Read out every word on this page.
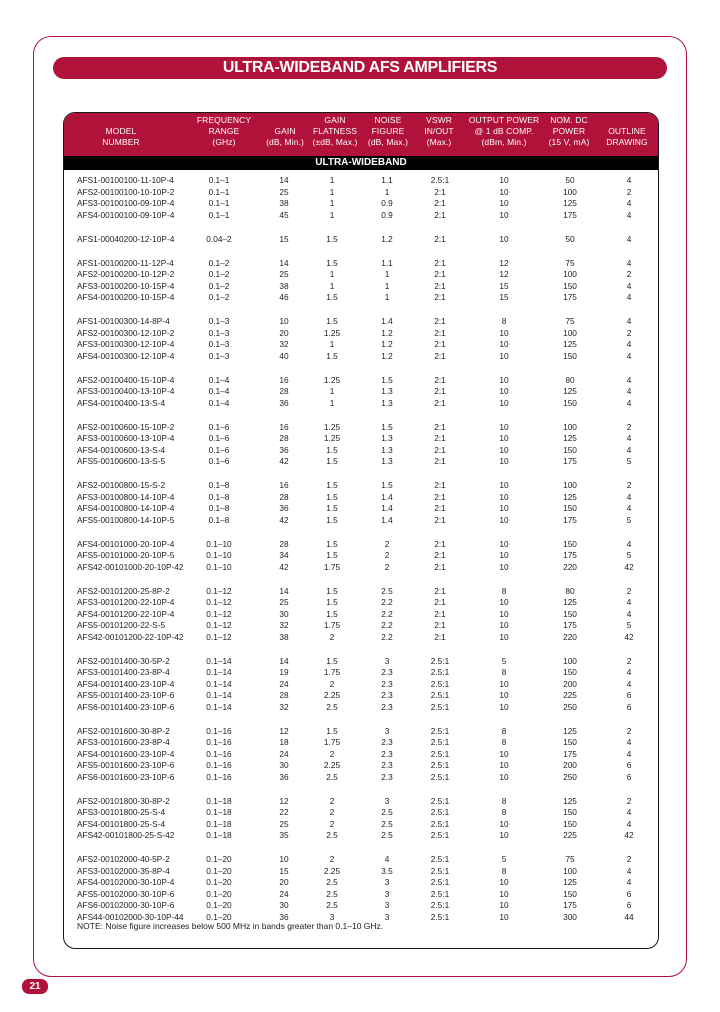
ULTRA-WIDEBAND AFS AMPLIFIERS

MODEL
NUMBER
FREQUENCY
RANGE
(GHz)

GAIN
(dB, Min.)
GAIN
FLATNESS
(±dB, Max.)
NOISE
FIGURE
(dB, Max.)
VSWR
IN/OUT
(Max.)
OUTPUT POWER
@ 1 dB COMP.
(dBm, Min.)
NOM. DC
POWER
(15 V, mA)

OUTLINE
DRAWING
ULTRA-WIDEBAND
AFS1-00100100-11-10P-4	0.1–1	14	1	1.1	2.5:1	10	50	4
AFS2-00100100-10-10P-2	0.1–1	25	1	1	2:1	10	100	2
AFS3-00100100-09-10P-4	0.1–1	38	1	0.9	2:1	10	125	4
AFS4-00100100-09-10P-4	0.1–1	45	1	0.9	2:1	10	175	4
AFS1-00040200-12-10P-4	0.04–2	15	1.5	1.2	2:1	10	50	4
AFS1-00100200-11-12P-4	0.1–2	14	1.5	1.1	2:1	12	75	4
AFS2-00100200-10-12P-2	0.1–2	25	1	1	2:1	12	100	2
AFS3-00100200-10-15P-4	0.1–2	38	1	1	2:1	15	150	4
AFS4-00100200-10-15P-4	0.1–2	46	1.5	1	2:1	15	175	4
AFS1-00100300-14-8P-4	0.1–3	10	1.5	1.4	2:1	8	75	4
AFS2-00100300-12-10P-2	0.1–3	20	1.25	1.2	2:1	10	100	2
AFS3-00100300-12-10P-4	0.1–3	32	1	1.2	2:1	10	125	4
AFS4-00100300-12-10P-4	0.1–3	40	1.5	1.2	2:1	10	150	4
AFS2-00100400-15-10P-4	0.1–4	16	1.25	1.5	2:1	10	80	4
AFS3-00100400-13-10P-4	0.1–4	28	1	1.3	2:1	10	125	4
AFS4-00100400-13-S-4	0.1–4	36	1	1.3	2:1	10	150	4
AFS2-00100600-15-10P-2	0.1–6	16	1.25	1.5	2:1	10	100	2
AFS3-00100600-13-10P-4	0.1–6	28	1.25	1.3	2:1	10	125	4
AFS4-00100600-13-S-4	0.1–6	36	1.5	1.3	2:1	10	150	4
AFS5-00100600-13-S-5	0.1–6	42	1.5	1.3	2:1	10	175	5
AFS2-00100800-15-S-2	0.1–8	16	1.5	1.5	2:1	10	100	2
AFS3-00100800-14-10P-4	0.1–8	28	1.5	1.4	2:1	10	125	4
AFS4-00100800-14-10P-4	0.1–8	36	1.5	1.4	2:1	10	150	4
AFS5-00100800-14-10P-5	0.1–8	42	1.5	1.4	2:1	10	175	5
AFS4-00101000-20-10P-4	0.1–10	28	1.5	2	2:1	10	150	4
AFS5-00101000-20-10P-5	0.1–10	34	1.5	2	2:1	10	175	5
AFS42-00101000-20-10P-42	0.1–10	42	1.75	2	2:1	10	220	42
AFS2-00101200-25-8P-2	0.1–12	14	1.5	2.5	2:1	8	80	2
AFS3-00101200-22-10P-4	0.1–12	25	1.5	2.2	2:1	10	125	4
AFS4-00101200-22-10P-4	0.1–12	30	1.5	2.2	2:1	10	150	4
AFS5-00101200-22-S-5	0.1–12	32	1.75	2.2	2:1	10	175	5
AFS42-00101200-22-10P-42	0.1–12	38	2	2.2	2:1	10	220	42
AFS2-00101400-30-5P-2	0.1–14	14	1.5	3	2.5:1	5	100	2
AFS3-00101400-23-8P-4	0.1–14	19	1.75	2.3	2.5:1	8	150	4
AFS4-00101400-23-10P-4	0.1–14	24	2	2.3	2.5:1	10	200	4
AFS5-00101400-23-10P-6	0.1–14	28	2.25	2.3	2.5:1	10	225	6
AFS6-00101400-23-10P-6	0.1–14	32	2.5	2.3	2.5:1	10	250	6
AFS2-00101600-30-8P-2	0.1–16	12	1.5	3	2.5:1	8	125	2
AFS3-00101600-23-8P-4	0.1–16	18	1.75	2.3	2.5:1	8	150	4
AFS4-00101600-23-10P-4	0.1–16	24	2	2.3	2.5:1	10	175	4
AFS5-00101600-23-10P-6	0.1–16	30	2.25	2.3	2.5:1	10	200	6
AFS6-00101600-23-10P-6	0.1–16	36	2.5	2.3	2.5:1	10	250	6
AFS2-00101800-30-8P-2	0.1–18	12	2	3	2.5:1	8	125	2
AFS3-00101800-25-S-4	0.1–18	22	2	2.5	2.5:1	8	150	4
AFS4-00101800-25-S-4	0.1–18	25	2	2.5	2.5:1	10	150	4
AFS42-00101800-25-S-42	0.1–18	35	2.5	2.5	2.5:1	10	225	42
AFS2-00102000-40-5P-2	0.1–20	10	2	4	2.5:1	5	75	2
AFS3-00102000-35-8P-4	0.1–20	15	2.25	3.5	2.5:1	8	100	4
AFS4-00102000-30-10P-4	0.1–20	20	2.5	3	2.5:1	10	125	4
AFS5-00102000-30-10P-6	0.1–20	24	2.5	3	2.5:1	10	150	6
AFS6-00102000-30-10P-6	0.1–20	30	2.5	3	2.5:1	10	175	6
AFS44-00102000-30-10P-44	0.1–20	36	3	3	2.5:1	10	300	44
NOTE: Noise figure increases below 500 MHz in bands greater than 0.1–10 GHz.
21
